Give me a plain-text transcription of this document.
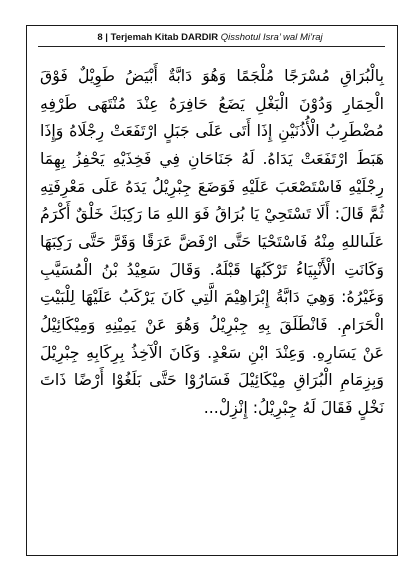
8 | Terjemah Kitab DARDIR Qisshotul Isra’ wal Mi’raj
بِالْبُرَاقِ مُسْرَجًا مُلْجَمًا وَهُوَ دَابَّةٌ أَبْيَضُ طَوِيْلٌ فَوْقَ
الْحِمَارِ وَدُوْنَ الْبَغْلِ يَضَعُ حَافِرَهُ عِنْدَ مُنْتَهَى طَرْفِهِ
مُضْطَرِبُ الْأُذُنَيْنِ إِذَا أَتَى عَلَى جَبَلٍ ارْتَفَعَتْ رِجْلَاهُ وَإِذَا
هَبَطَ ارْتَفَعَتْ يَدَاهُ. لَهُ جَنَاحَانِ فِي فَخِذَيْهِ يَحْفِزُ بِهِمَا
رِجْلَيْهِ فَاسْتَصْعَبَ عَلَيْهِ فَوَضَعَ جِبْرِيْلُ يَدَهُ عَلَى مَعْرِفَتِهِ
ثُمَّ قَالَ: أَلَا تَسْتَحِيْ يَا بُرَاقُ فَوَ اللهِ مَا رَكِبَكَ خَلْقٌ أَكْرَمُ
عَلَىاللهِ مِنْهُ فَاسْتَحْيَا حَتَّى ارْفَضَّ عَرَقًا وَقَرَّ حَتَّى رَكِبَهَا
وَكَانَتِ الْأَنْبِيَاءُ تَرْكَبُهَا قَبْلَهُ. وَقَالَ سَعِيْدُ بْنُ الْمُسَيَّبِ
وَغَيْرُهُ: وَهِيَ دَابَّةُ إِبْرَاهِيْمَ الَّتِي كَانَ يَرْكَبُ عَلَيْهَا لِلْبَيْتِ
الْحَرَامِ. فَانْطَلَقَ بِهِ جِبْرِيْلُ وَهُوَ عَنْ يَمِيْنِهِ وَمِيْكَائِيْلُ
عَنْ يَسَارِهِ. وَعِنْدَ ابْنِ سَعْدٍ. وَكَانَ الْآخِذُ بِرِكَابِهِ جِبْرِيْلَ
وَبِزِمَامِ الْبُرَاقِ مِيْكَائِيْلَ فَسَارُوْا حَتَّى بَلَغُوْا أَرْضًا ذَاتَ
نَخْلٍ فَقَالَ لَهُ جِبْرِيْلُ: إِنْزِلْ...
